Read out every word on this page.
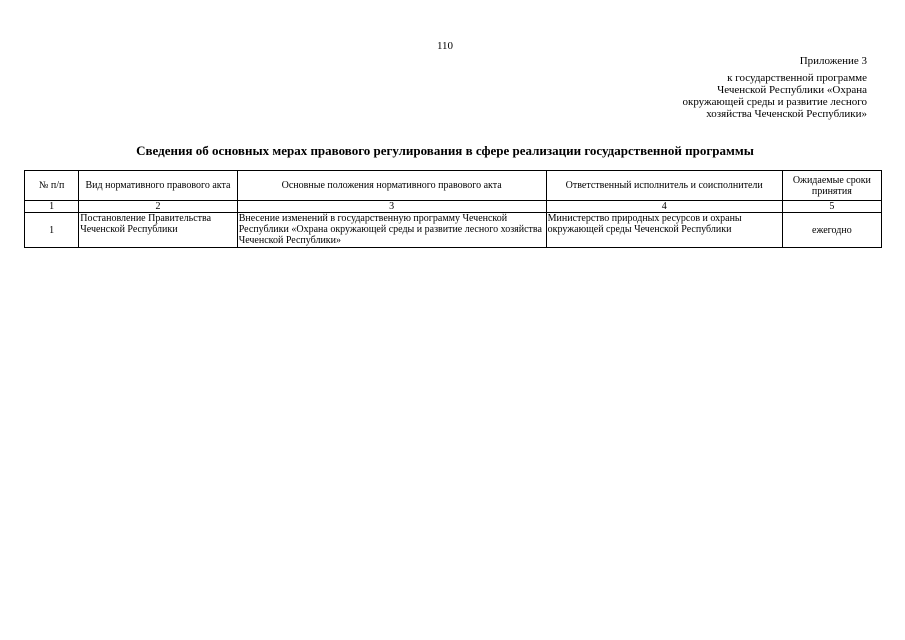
110
Приложение 3
к государственной программе
Чеченской Республики «Охрана
окружающей среды и развитие лесного
хозяйства Чеченской Республики»
Сведения об основных мерах правового регулирования в сфере реализации государственной программы
№ п/п	Вид нормативного правового акта	Основные положения нормативного правового акта	Ответственный исполнитель и соисполнители	Ожидаемые сроки принятия
1	2	3	4	5
1	Постановление Правительства Чеченской Республики	Внесение изменений в государственную программу Чеченской Республики «Охрана окружающей среды и развитие лесного хозяйства Чеченской Республики»	Министерство природных ресурсов и охраны окружающей среды Чеченской Республики	ежегодно
